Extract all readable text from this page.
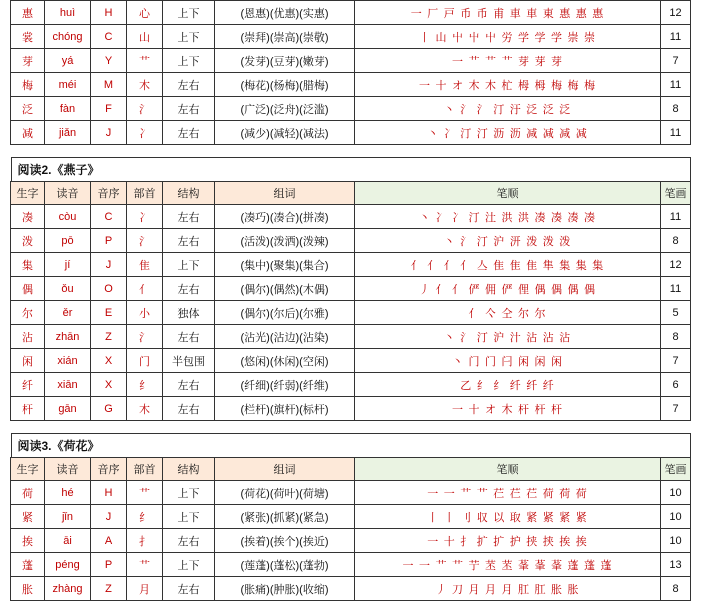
惠	huì	H	心	上下	(恩惠)(优惠)(实惠)	一 厂 戸 币 币 甫 車 車 東 惠 惠 惠	12
裳	chóng	C	山	上下	(崇拜)(崇高)(崇敬)	丨 山 屮 屮 屮 労 学 学 学 崇 崇	11
芽	yá	Y	艹	上下	(发芽)(豆芽)(嫩芽)	一 艹 艹 艹 芽 芽 芽	7
梅	méi	M	木	左右	(梅花)(杨梅)(腊梅)	一 十 オ 木 木 杧 栂 栂 梅 梅 梅	11
泛	fàn	F	氵	左右	(广泛)(泛舟)(泛滥)	丶 氵 氵 汀 汙 泛 泛 泛	8
减	jiǎn	J	冫	左右	(减少)(减轻)(减法)	丶 冫 汀 汀 沥 沥 减 减 减 减	11
阅读2.《燕子》
生字	读音	音序	部首	结构	组词	笔顺	笔画
凑	còu	C	冫	左右	(凑巧)(凑合)(拼凑)	丶 冫 冫 汀 汢 洪 洪 凑 凑 凑 凑	11
泼	pō	P	氵	左右	(活泼)(泼洒)(泼辣)	丶 氵 汀 沪 汧 泼 泼 泼	8
集	jí	J	隹	上下	(集中)(聚集)(集合)	亻 亻 亻 亻 亼 隹 隹 隹 隼 集 集 集	12
偶	ǒu	O	亻	左右	(偶尔)(偶然)(木偶)	丿 亻 亻 俨 佣 俨 俚 偶 偶 偶 偶	11
尔	ěr	E	小	独体	(偶尔)(尔后)(尔雅)	亻 亽 仝 尔 尔	5
沾	zhān	Z	氵	左右	(沾光)(沾边)(沾染)	丶 氵 汀 沪 汁 沾 沾 沾	8
闲	xián	X	门	半包围	(悠闲)(休闲)(空闲)	丶 门 门 闩 闲 闲 闲	7
纤	xiān	X	纟	左右	(纤细)(纤弱)(纤维)	乙 纟 纟 纤 纤 纤	6
杆	gān	G	木	左右	(栏杆)(旗杆)(标杆)	一 十 オ 木 杆 杆 杆	7
阅读3.《荷花》
生字	读音	音序	部首	结构	组词	笔顺	笔画
荷	hé	H	艹	上下	(荷花)(荷叶)(荷塘)	一 一 艹 艹 芢 芢 芢 荷 荷 荷	10
紧	jǐn	J	纟	上下	(紧张)(抓紧)(紧急)	丨 丨 刂 収 以 取 紧 紧 紧 紧	10
挨	āi	A	扌	左右	(挨着)(挨个)(挨近)	一 十 扌 扩 扩 护 挟 挟 挨 挨	10
蓬	péng	P	艹	上下	(莲蓬)(蓬松)(蓬勃)	一 一 艹 艹 艼 苤 苤 莑 莑 莑 蓬 蓬 蓬	13
胀	zhàng	Z	月	左右	(胀痛)(肿胀)(收缩)	丿 刀 月 月 月 肛 肛 胀 胀	8
